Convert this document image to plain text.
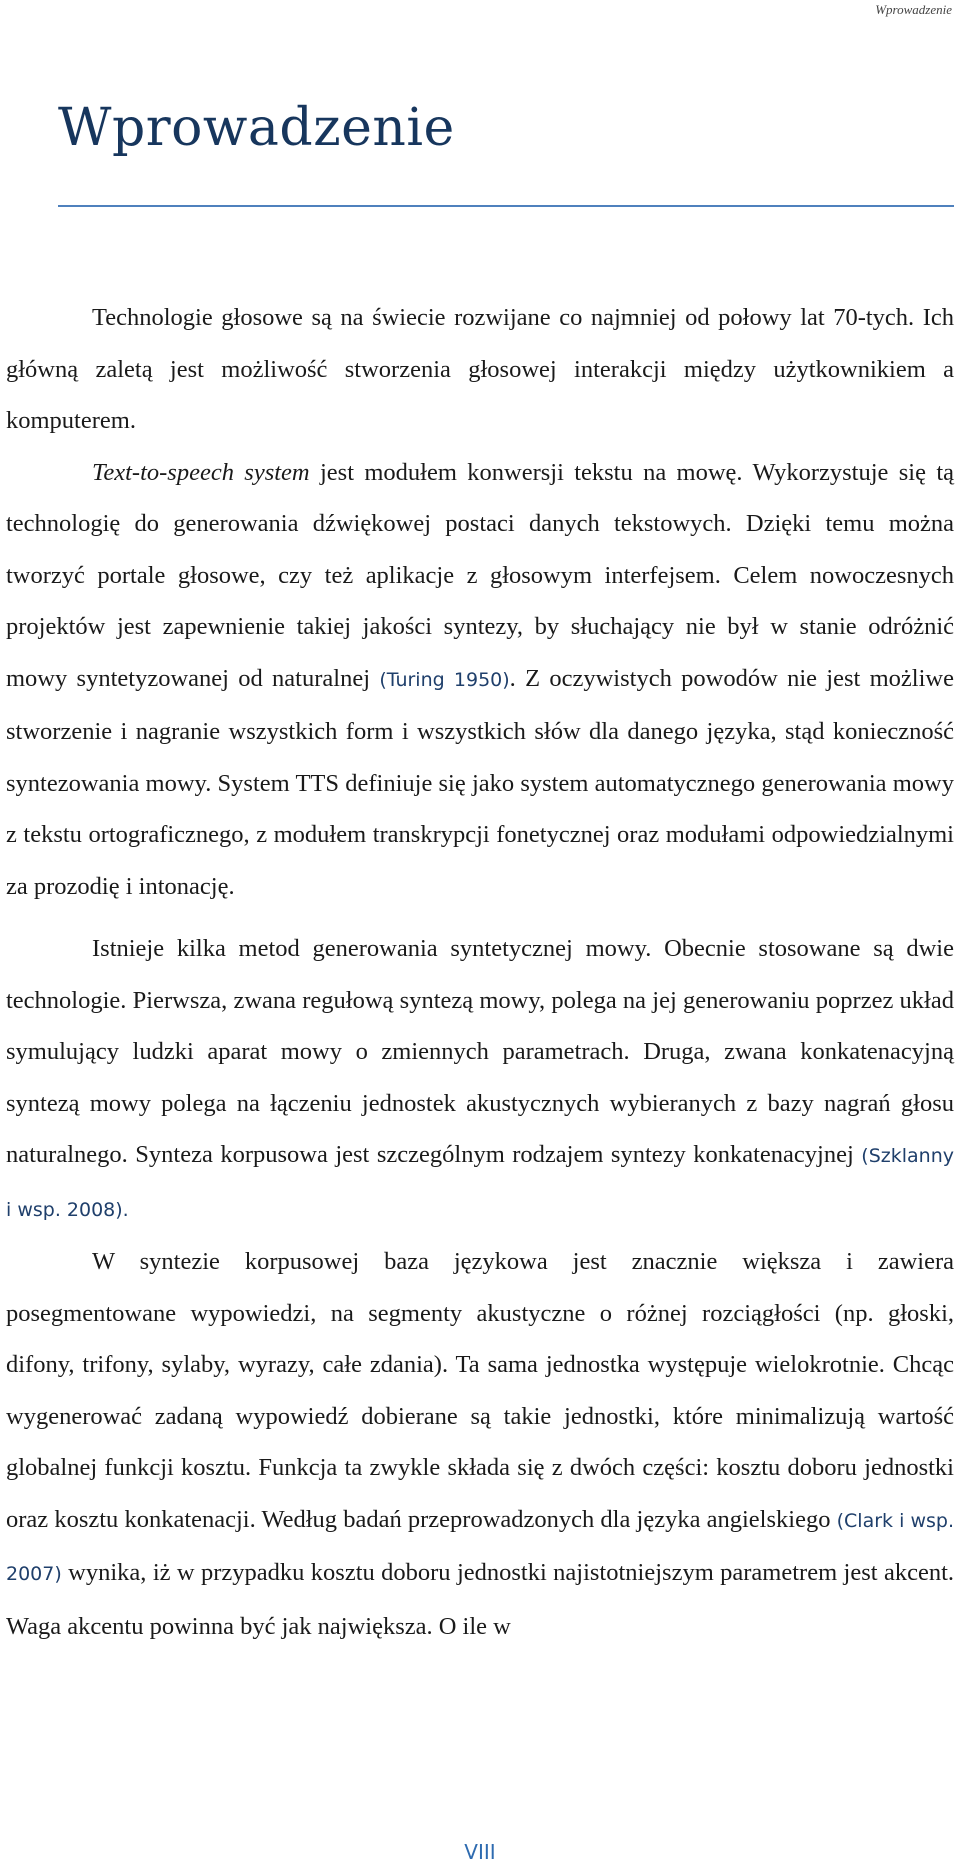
Wprowadzenie
Wprowadzenie

Technologie głosowe są na świecie rozwijane co najmniej od połowy lat 70-tych. Ich główną zaletą jest możliwość stworzenia głosowej interakcji między użytkownikiem a komputerem.

Text-to-speech system jest modułem konwersji tekstu na mowę. Wykorzystuje się tą technologię do generowania dźwiękowej postaci danych tekstowych. Dzięki temu można tworzyć portale głosowe, czy też aplikacje z głosowym interfejsem. Celem nowoczesnych projektów jest zapewnienie takiej jakości syntezy, by słuchający nie był w stanie odróżnić mowy syntetyzowanej od naturalnej (Turing 1950). Z oczywistych powodów nie jest możliwe stworzenie i nagranie wszystkich form i wszystkich słów dla danego języka, stąd konieczność syntezowania mowy. System TTS definiuje się jako system automatycznego generowania mowy z tekstu ortograficznego, z modułem transkrypcji fonetycznej oraz modułami odpowiedzialnymi za prozodię i intonację.

Istnieje kilka metod generowania syntetycznej mowy. Obecnie stosowane są dwie technologie. Pierwsza, zwana regułową syntezą mowy, polega na jej generowaniu poprzez układ symulujący ludzki aparat mowy o zmiennych parametrach. Druga, zwana konkatenacyjną syntezą mowy polega na łączeniu jednostek akustycznych wybieranych z bazy nagrań głosu naturalnego. Synteza korpusowa jest szczególnym rodzajem syntezy konkatenacyjnej (Szklanny i wsp. 2008).

W syntezie korpusowej baza językowa jest znacznie większa i zawiera posegmentowane wypowiedzi, na segmenty akustyczne o różnej rozciągłości (np. głoski, difony, trifony, sylaby, wyrazy, całe zdania). Ta sama jednostka występuje wielokrotnie. Chcąc wygenerować zadaną wypowiedź dobierane są takie jednostki, które minimalizują wartość globalnej funkcji kosztu. Funkcja ta zwykle składa się z dwóch części: kosztu doboru jednostki oraz kosztu konkatenacji. Według badań przeprowadzonych dla języka angielskiego (Clark i wsp. 2007) wynika, iż w przypadku kosztu doboru jednostki najistotniejszym parametrem jest akcent. Waga akcentu powinna być jak największa. O ile w

VIII
